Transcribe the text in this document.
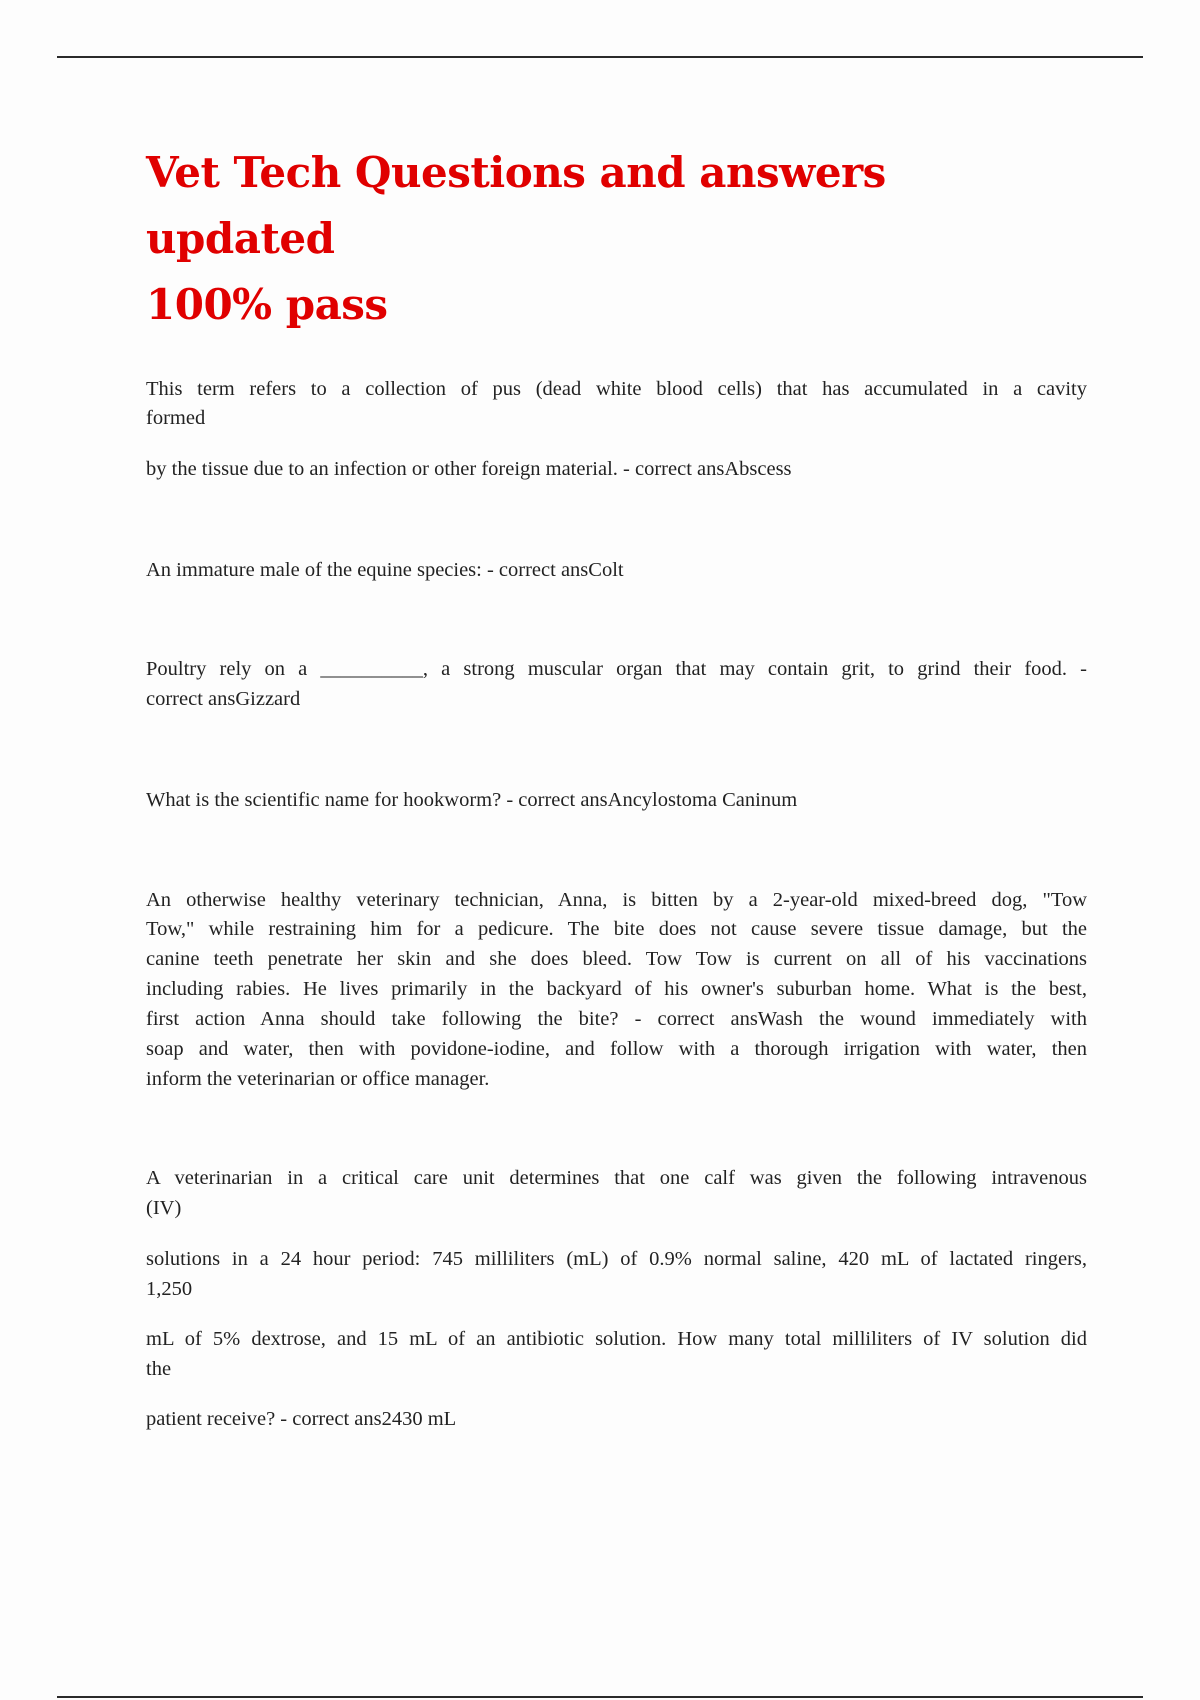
Vet Tech Questions and answers updated
100% pass

This term refers to a collection of pus (dead white blood cells) that has accumulated in a cavity

formed

by the tissue due to an infection or other foreign material. - correct ansAbscess

An immature male of the equine species: - correct ansColt

Poultry rely on a __________, a strong muscular organ that may contain grit, to grind their food. -

correct ansGizzard

What is the scientific name for hookworm? - correct ansAncylostoma Caninum

An otherwise healthy veterinary technician, Anna, is bitten by a 2-year-old mixed-breed dog, "Tow

Tow," while restraining him for a pedicure. The bite does not cause severe tissue damage, but the

canine teeth penetrate her skin and she does bleed. Tow Tow is current on all of his vaccinations

including rabies. He lives primarily in the backyard of his owner's suburban home. What is the best,

first action Anna should take following the bite? - correct ansWash the wound immediately with

soap and water, then with povidone-iodine, and follow with a thorough irrigation with water, then

inform the veterinarian or office manager.

A veterinarian in a critical care unit determines that one calf was given the following intravenous

(IV)

solutions in a 24 hour period: 745 milliliters (mL) of 0.9% normal saline, 420 mL of lactated ringers,

1,250

mL of 5% dextrose, and 15 mL of an antibiotic solution. How many total milliliters of IV solution did

the

patient receive? - correct ans2430 mL
